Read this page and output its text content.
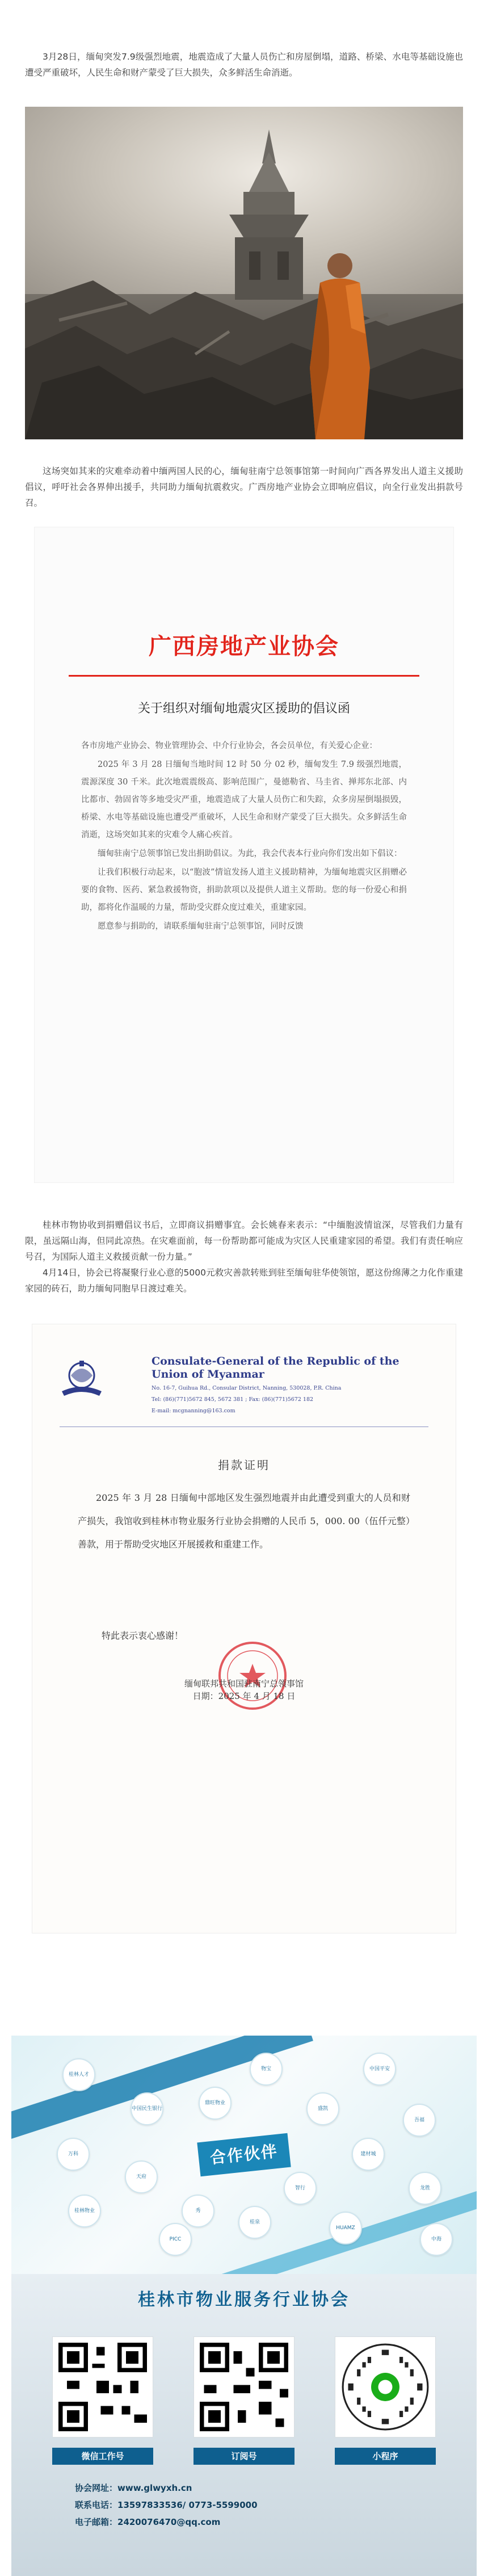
3月28日，缅甸突发7.9级强烈地震，地震造成了大量人员伤亡和房屋倒塌，道路、桥梁、水电等基础设施也遭受严重破坏，人民生命和财产蒙受了巨大损失，众多鲜活生命消逝。

这场突如其来的灾难牵动着中缅两国人民的心，缅甸驻南宁总领事馆第一时间向广西各界发出人道主义援助倡议，呼吁社会各界伸出援手，共同助力缅甸抗震救灾。广西房地产业协会立即响应倡议，向全行业发出捐款号召。

广西房地产业协会
关于组织对缅甸地震灾区援助的倡议函

各市房地产业协会、物业管理协会、中介行业协会，各会员单位，有关爱心企业：

2025 年 3 月 28 日缅甸当地时间 12 时 50 分 02 秒，缅甸发生 7.9 级强烈地震，震源深度 30 千米。此次地震震级高、影响范围广，曼德勒省、马圭省、掸邦东北部、内比都市、勃固省等多地受灾严重，地震造成了大量人员伤亡和失踪，众多房屋倒塌损毁，桥梁、水电等基础设施也遭受严重破坏，人民生命和财产蒙受了巨大损失。众多鲜活生命消逝，这场突如其来的灾难令人痛心疾首。

缅甸驻南宁总领事馆已发出捐助倡议。为此，我会代表本行业向你们发出如下倡议：

让我们积极行动起来，以“胞波”情谊发扬人道主义援助精神，为缅甸地震灾区捐赠必要的食物、医药、紧急救援物资，捐助款项以及提供人道主义帮助。您的每一份爱心和捐助，都将化作温暖的力量，帮助受灾群众度过难关，重建家园。

愿意参与捐助的，请联系缅甸驻南宁总领事馆，同时反馈

桂林市物协收到捐赠倡议书后，立即商议捐赠事宜。会长姚春来表示：“中缅胞波情谊深，尽管我们力量有限，虽远隔山海，但同此凉热。在灾难面前，每一份帮助都可能成为灾区人民重建家园的希望。我们有责任响应号召，为国际人道主义救援贡献一份力量。”

4月14日，协会已将凝聚行业心意的5000元救灾善款转账到驻至缅甸驻华使领馆，愿这份绵薄之力化作重建家园的砖石，助力缅甸同胞早日渡过难关。

Consulate-General of the Republic of the Union of Myanmar
No. 16-7, Guihua Rd., Consular District, Nanning, 530028, P.R. China
Tel: (86)(771)5672 845, 5672 381 ; Fax: (86)(771)5672 182
E-mail: mcgnanning@163.com
捐款证明

2025 年 3 月 28 日缅甸中部地区发生强烈地震并由此遭受到重大的人员和财产损失，我馆收到桂林市物业服务行业协会捐赠的人民币 5，000. 00（伍仟元整）善款，用于帮助受灾地区开展援救和重建工作。

特此表示衷心感谢！
缅甸联邦共和国驻南宁总领事馆
日期：2025 年 4 月 18 日
合作伙伴
桂林人才
中国民生银行
鼎旺物业
中国平安
盛凯
吾福
建材城
万科
天府
桂林物业
龙胜
秀
PICC
桂泉
HUAMZ
智行
物宝
中海
桂林市物业服务行业协会
微信工作号	订阅号	小程序
协会网址：www.glwyxh.cn
联系电话：13597833536/ 0773-5599000
电子邮箱：2420076470@qq.com
